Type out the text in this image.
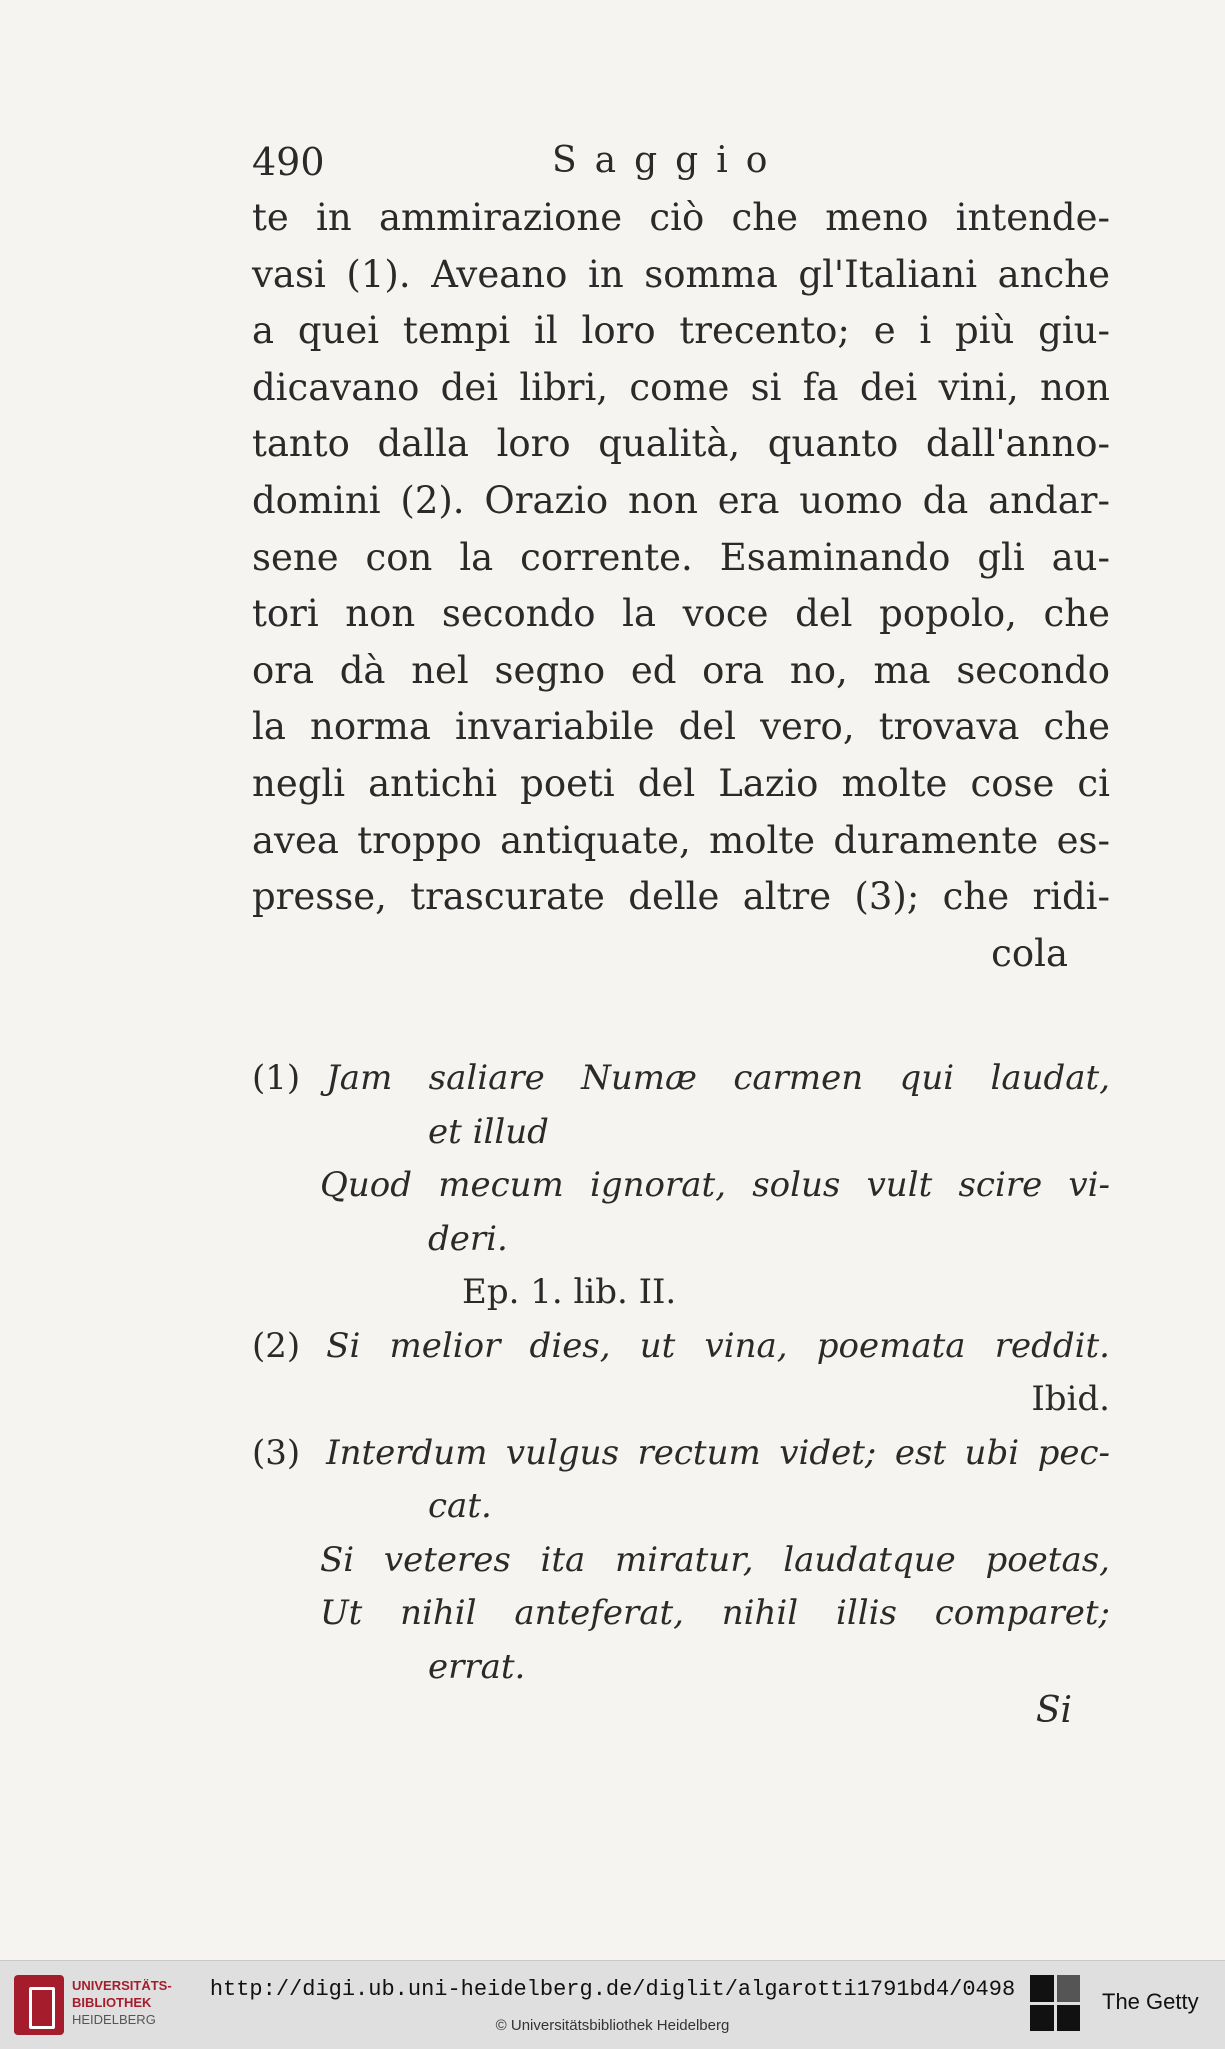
490	Saggio
te in ammirazione ciò che meno intende-
vasi (1). Aveano in somma gl'Italiani anche
a quei tempi il loro trecento; e i più giu-
dicavano dei libri, come si fa dei vini, non
tanto dalla loro qualità, quanto dall'anno-
domini (2). Orazio non era uomo da andar-
sene con la corrente. Esaminando gli au-
tori non secondo la voce del popolo, che
ora dà nel segno ed ora no, ma secondo
la norma invariabile del vero, trovava che
negli antichi poeti del Lazio molte cose ci
avea troppo antiquate, molte duramente es-
presse, trascurate delle altre (3); che ridi-
cola
(1) Jam saliare Numæ carmen qui laudat,
et illud
Quod mecum ignorat, solus vult scire vi-
deri.
Ep. 1. lib. II.
(2) Si melior dies, ut vina, poemata reddit.
Ibid.
(3) Interdum vulgus rectum videt; est ubi pec-
cat.
Si veteres ita miratur, laudatque poetas,
Ut nihil anteferat, nihil illis comparet;
errat.
Si
UNIVERSITÄTS-
BIBLIOTHEK
HEIDELBERG
http://digi.ub.uni-heidelberg.de/diglit/algarotti1791bd4/0498
© Universitätsbibliothek Heidelberg
The Getty
